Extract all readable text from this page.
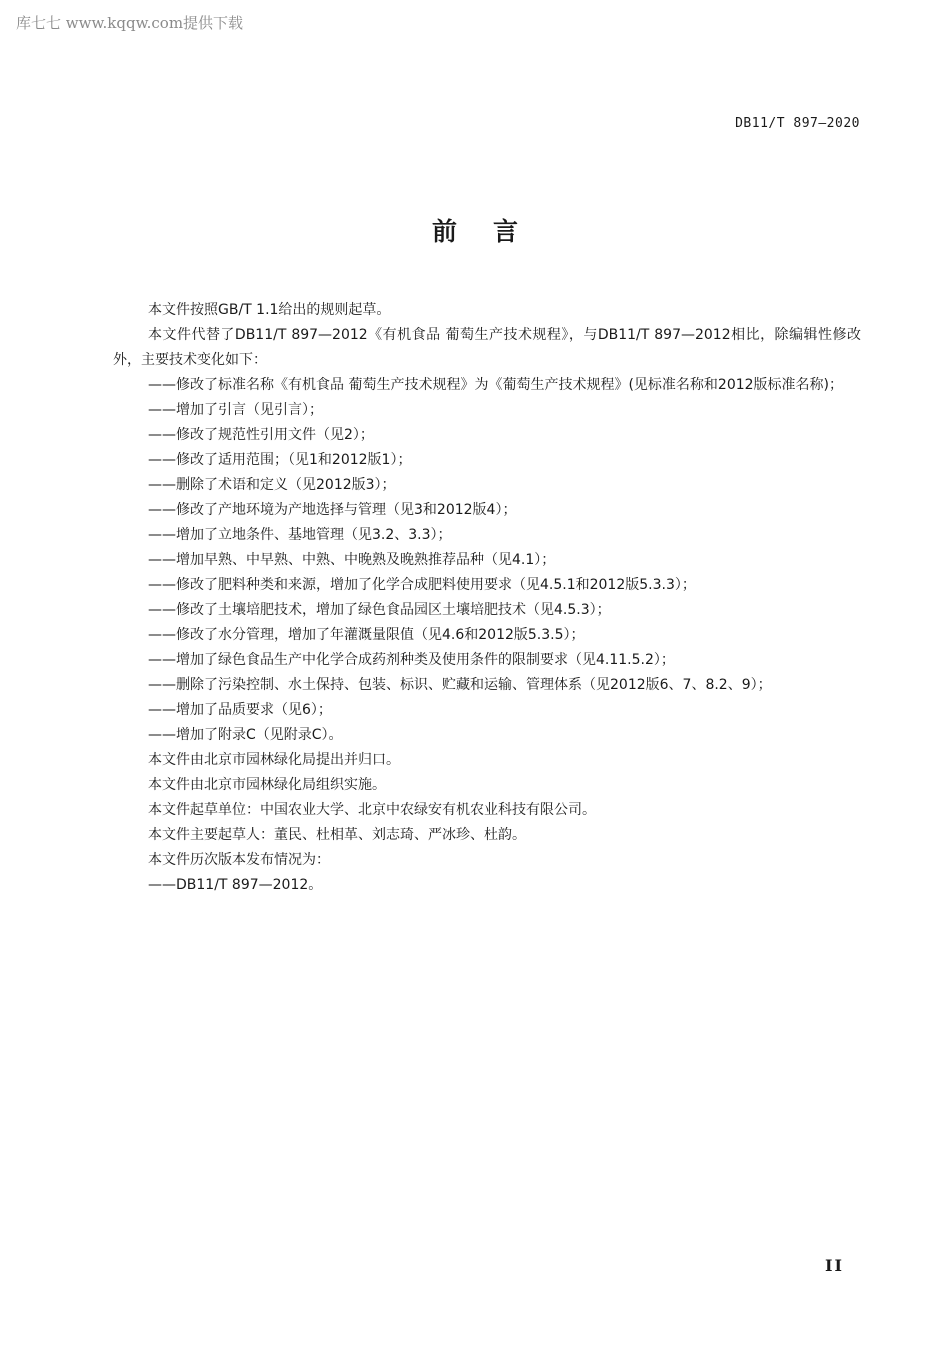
库七七 www.kqqw.com提供下载
DB11/T 897—2020
前言

本文件按照GB/T 1.1给出的规则起草。

本文件代替了DB11/T 897—2012《有机食品 葡萄生产技术规程》，与DB11/T 897—2012相比，除编辑性修改外，主要技术变化如下：

——修改了标准名称《有机食品 葡萄生产技术规程》为《葡萄生产技术规程》(见标准名称和2012版标准名称)；

——增加了引言（见引言）；

——修改了规范性引用文件（见2）；

——修改了适用范围；（见1和2012版1）；

——删除了术语和定义（见2012版3）；

——修改了产地环境为产地选择与管理（见3和2012版4）；

——增加了立地条件、基地管理（见3.2、3.3）；

——增加早熟、中早熟、中熟、中晚熟及晚熟推荐品种（见4.1）；

——修改了肥料种类和来源，增加了化学合成肥料使用要求（见4.5.1和2012版5.3.3）；

——修改了土壤培肥技术，增加了绿色食品园区土壤培肥技术（见4.5.3）；

——修改了水分管理，增加了年灌溉量限值（见4.6和2012版5.3.5）；

——增加了绿色食品生产中化学合成药剂种类及使用条件的限制要求（见4.11.5.2）；

——删除了污染控制、水土保持、包装、标识、贮藏和运输、管理体系（见2012版6、7、8.2、9）；

——增加了品质要求（见6）；

——增加了附录C（见附录C）。

本文件由北京市园林绿化局提出并归口。

本文件由北京市园林绿化局组织实施。

本文件起草单位：中国农业大学、北京中农绿安有机农业科技有限公司。

本文件主要起草人：董民、杜相革、刘志琦、严冰珍、杜韵。

本文件历次版本发布情况为：

——DB11/T 897—2012。

II
